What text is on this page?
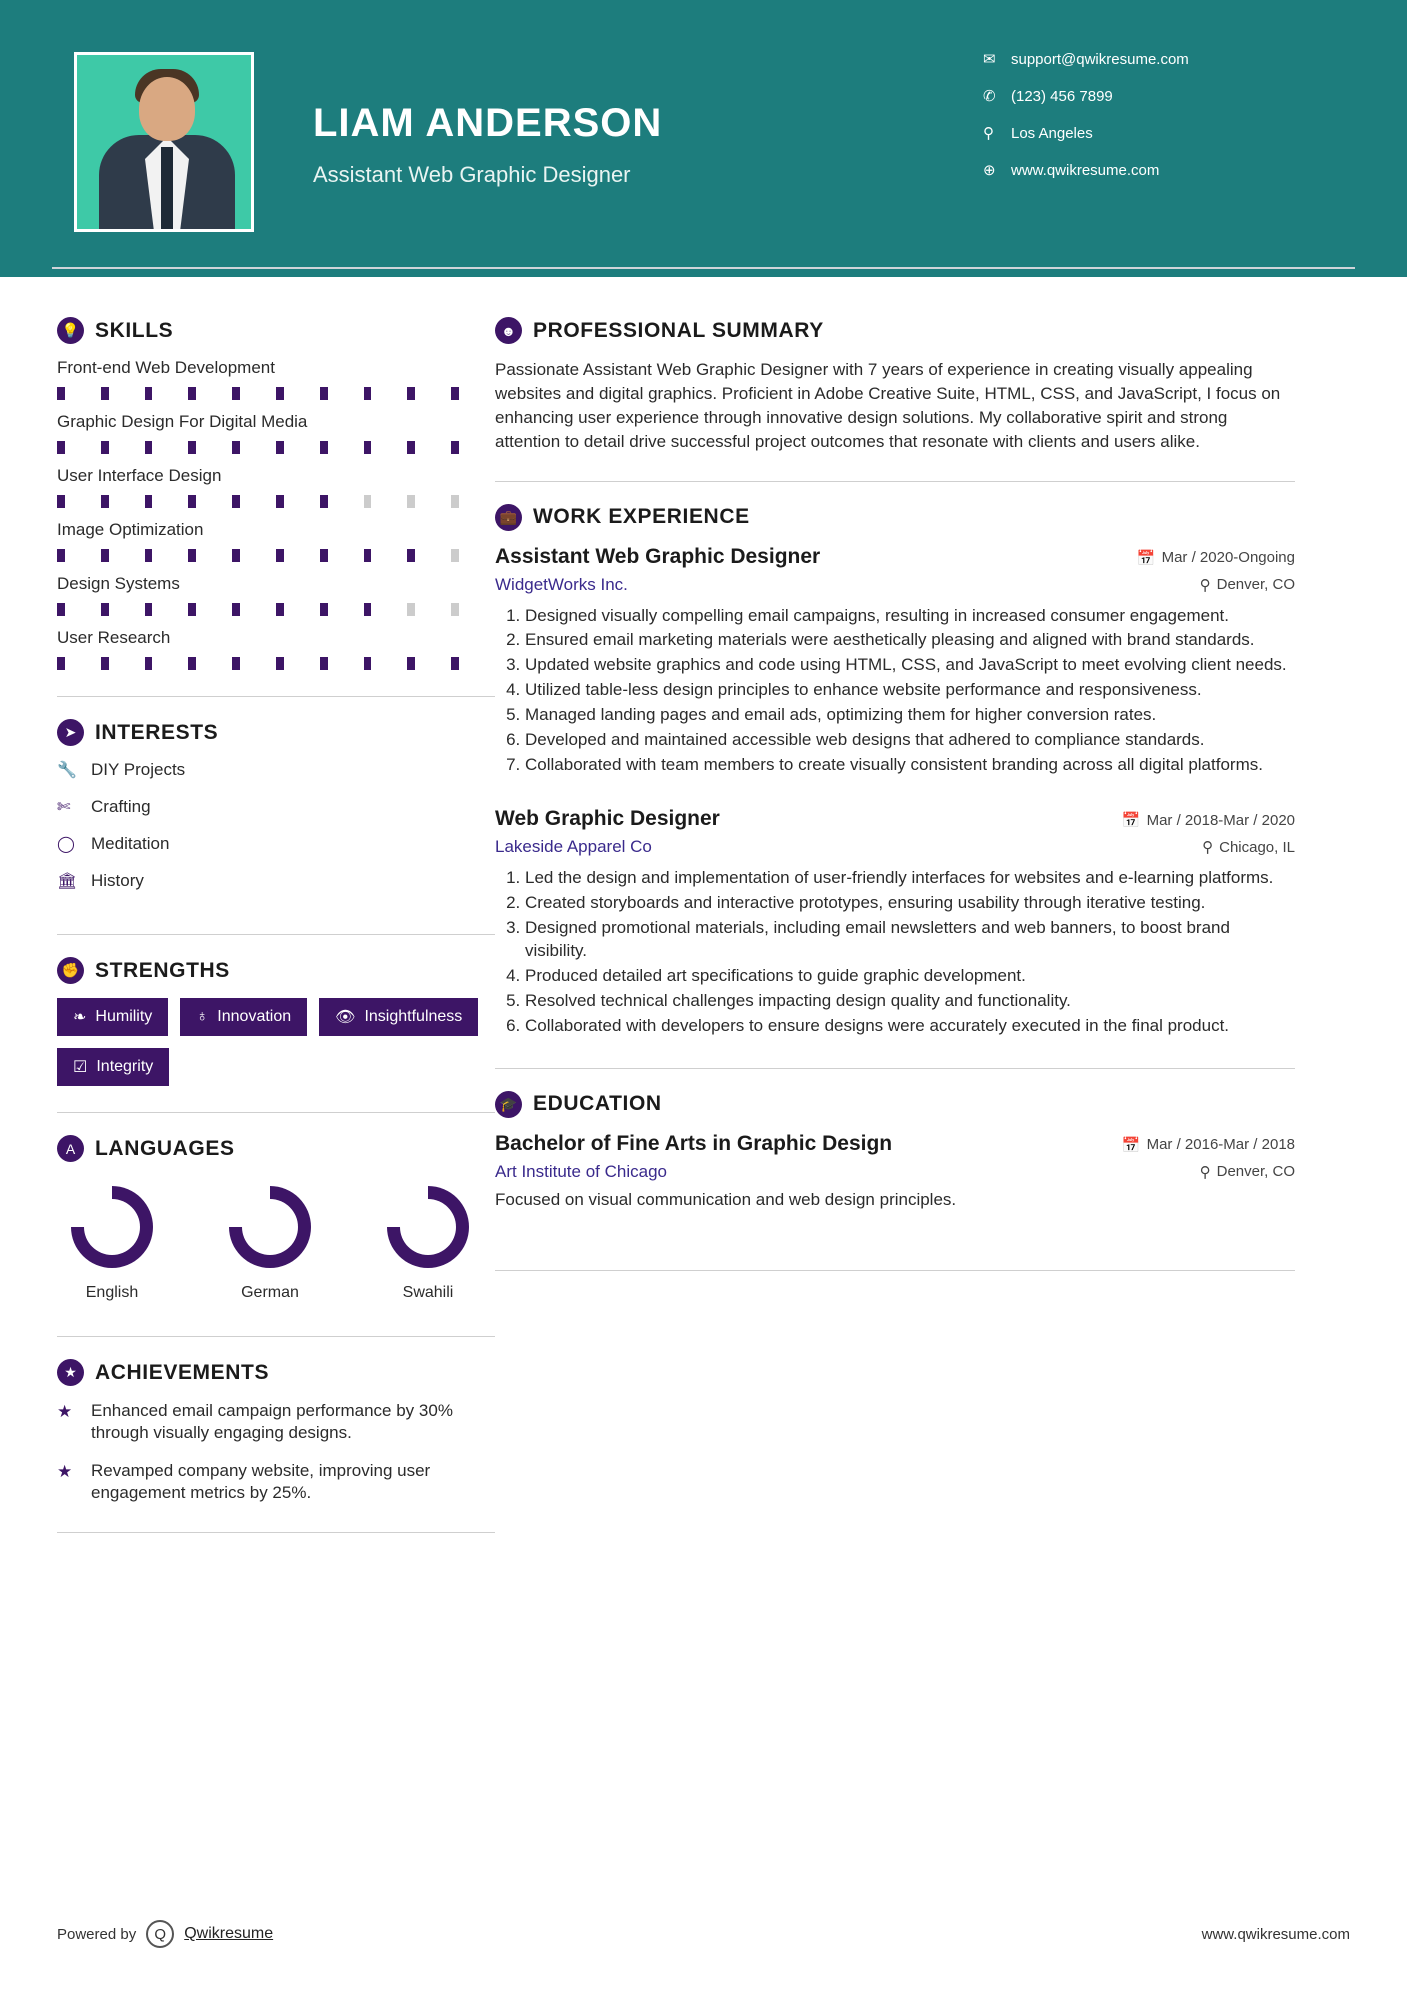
LIAM ANDERSON
Assistant Web Graphic Designer
✉	support@qwikresume.com
✆	(123) 456 7899
⚲	Los Angeles
⊕	www.qwikresume.com
💡 SKILLS
Front-end Web Development
Graphic Design For Digital Media
User Interface Design
Image Optimization
Design Systems
User Research
➤ INTERESTS
🔧 DIY Projects
✄	Crafting
◯ Meditation
🏛 History
✊ STRENGTHS
❧ Humility	♁ Innovation	👁 Insightfulness
☑ Integrity
A LANGUAGES
English	German	Swahili
★ ACHIEVEMENTS
★	Enhanced email campaign performance by 30% through visually engaging designs.
★	Revamped company website, improving user engagement metrics by 25%.
☻ PROFESSIONAL SUMMARY
Passionate Assistant Web Graphic Designer with 7 years of experience in creating visually appealing websites and digital graphics. Proficient in Adobe Creative Suite, HTML, CSS, and JavaScript, I focus on enhancing user experience through innovative design solutions. My collaborative spirit and strong attention to detail drive successful project outcomes that resonate with clients and users alike.
💼 WORK EXPERIENCE
Assistant Web Graphic Designer	📅 Mar / 2020-Ongoing
WidgetWorks Inc.	⚲ Denver, CO
1. Designed visually compelling email campaigns, resulting in increased consumer engagement.
2. Ensured email marketing materials were aesthetically pleasing and aligned with brand standards.
3. Updated website graphics and code using HTML, CSS, and JavaScript to meet evolving client needs.
4. Utilized table-less design principles to enhance website performance and responsiveness.
5. Managed landing pages and email ads, optimizing them for higher conversion rates.
6. Developed and maintained accessible web designs that adhered to compliance standards.
7. Collaborated with team members to create visually consistent branding across all digital platforms.
Web Graphic Designer	📅 Mar / 2018-Mar / 2020
Lakeside Apparel Co	⚲ Chicago, IL
1. Led the design and implementation of user-friendly interfaces for websites and e-learning platforms.
2. Created storyboards and interactive prototypes, ensuring usability through iterative testing.
3. Designed promotional materials, including email newsletters and web banners, to boost brand visibility.
4. Produced detailed art specifications to guide graphic development.
5. Resolved technical challenges impacting design quality and functionality.
6. Collaborated with developers to ensure designs were accurately executed in the final product.
🎓 EDUCATION
Bachelor of Fine Arts in Graphic Design	📅 Mar / 2016-Mar / 2018
Art Institute of Chicago	⚲ Denver, CO
Focused on visual communication and web design principles.
Powered by	Q	Qwikresume	www.qwikresume.com
